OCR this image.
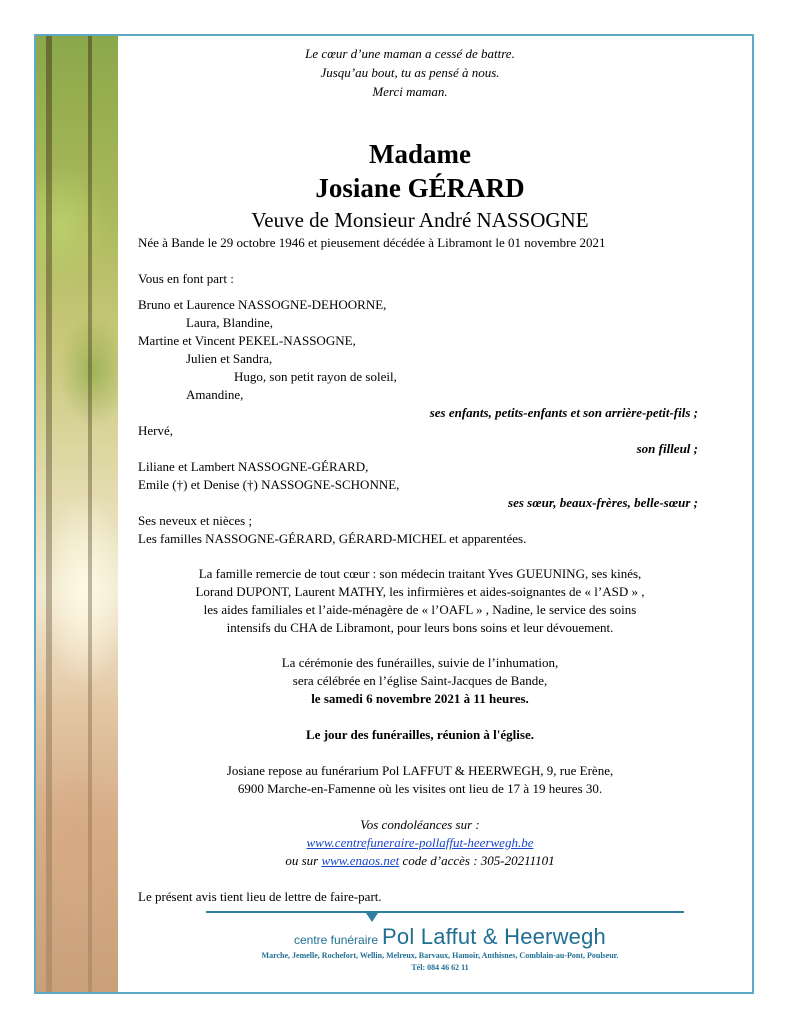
Le cœur d’une maman a cessé de battre.
Jusqu’au bout, tu as pensé à nous.
Merci maman.
Madame
Josiane GÉRARD
Veuve de Monsieur André NASSOGNE
Née à Bande le 29 octobre 1946 et pieusement décédée à Libramont le 01 novembre 2021
Vous en font part :
Bruno et Laurence NASSOGNE-DEHOORNE,
Laura, Blandine,
Martine et Vincent PEKEL-NASSOGNE,
Julien et Sandra,
Hugo, son petit rayon de soleil,
Amandine,
ses enfants, petits-enfants et son arrière-petit-fils ;
Hervé,
son filleul ;
Liliane et Lambert NASSOGNE-GÉRARD,
Emile (†) et Denise (†) NASSOGNE-SCHONNE,
ses sœur, beaux-frères, belle-sœur ;
Ses neveux et nièces ;
Les familles NASSOGNE-GÉRARD, GÉRARD-MICHEL et apparentées.
La famille remercie de tout cœur : son médecin traitant Yves GUEUNING, ses kinés,
Lorand DUPONT, Laurent MATHY, les infirmières et aides-soignantes de « l’ASD » ,
les aides familiales et l’aide-ménagère de « l’OAFL » , Nadine, le service des soins
intensifs du CHA de Libramont, pour leurs bons soins et leur dévouement.
La cérémonie des funérailles, suivie de l’inhumation,
sera célébrée en l’église Saint-Jacques de Bande,
le samedi 6 novembre 2021 à 11 heures.
Le jour des funérailles, réunion à l'église.
Josiane repose au funérarium Pol LAFFUT & HEERWEGH, 9, rue Erène,
6900 Marche-en-Famenne où les visites ont lieu de 17 à 19 heures 30.
Vos condoléances sur :
www.centrefuneraire-pollaffut-heerwegh.be
ou sur www.enaos.net code d’accès : 305-20211101
Le présent avis tient lieu de lettre de faire-part.
centre funéraire Pol Laffut & Heerwegh
Marche, Jemelle, Rochefort, Wellin, Melreux, Barvaux, Hamoir, Anthisnes, Comblain-au-Pont, Poulseur.
Tél: 084 46 62 11
